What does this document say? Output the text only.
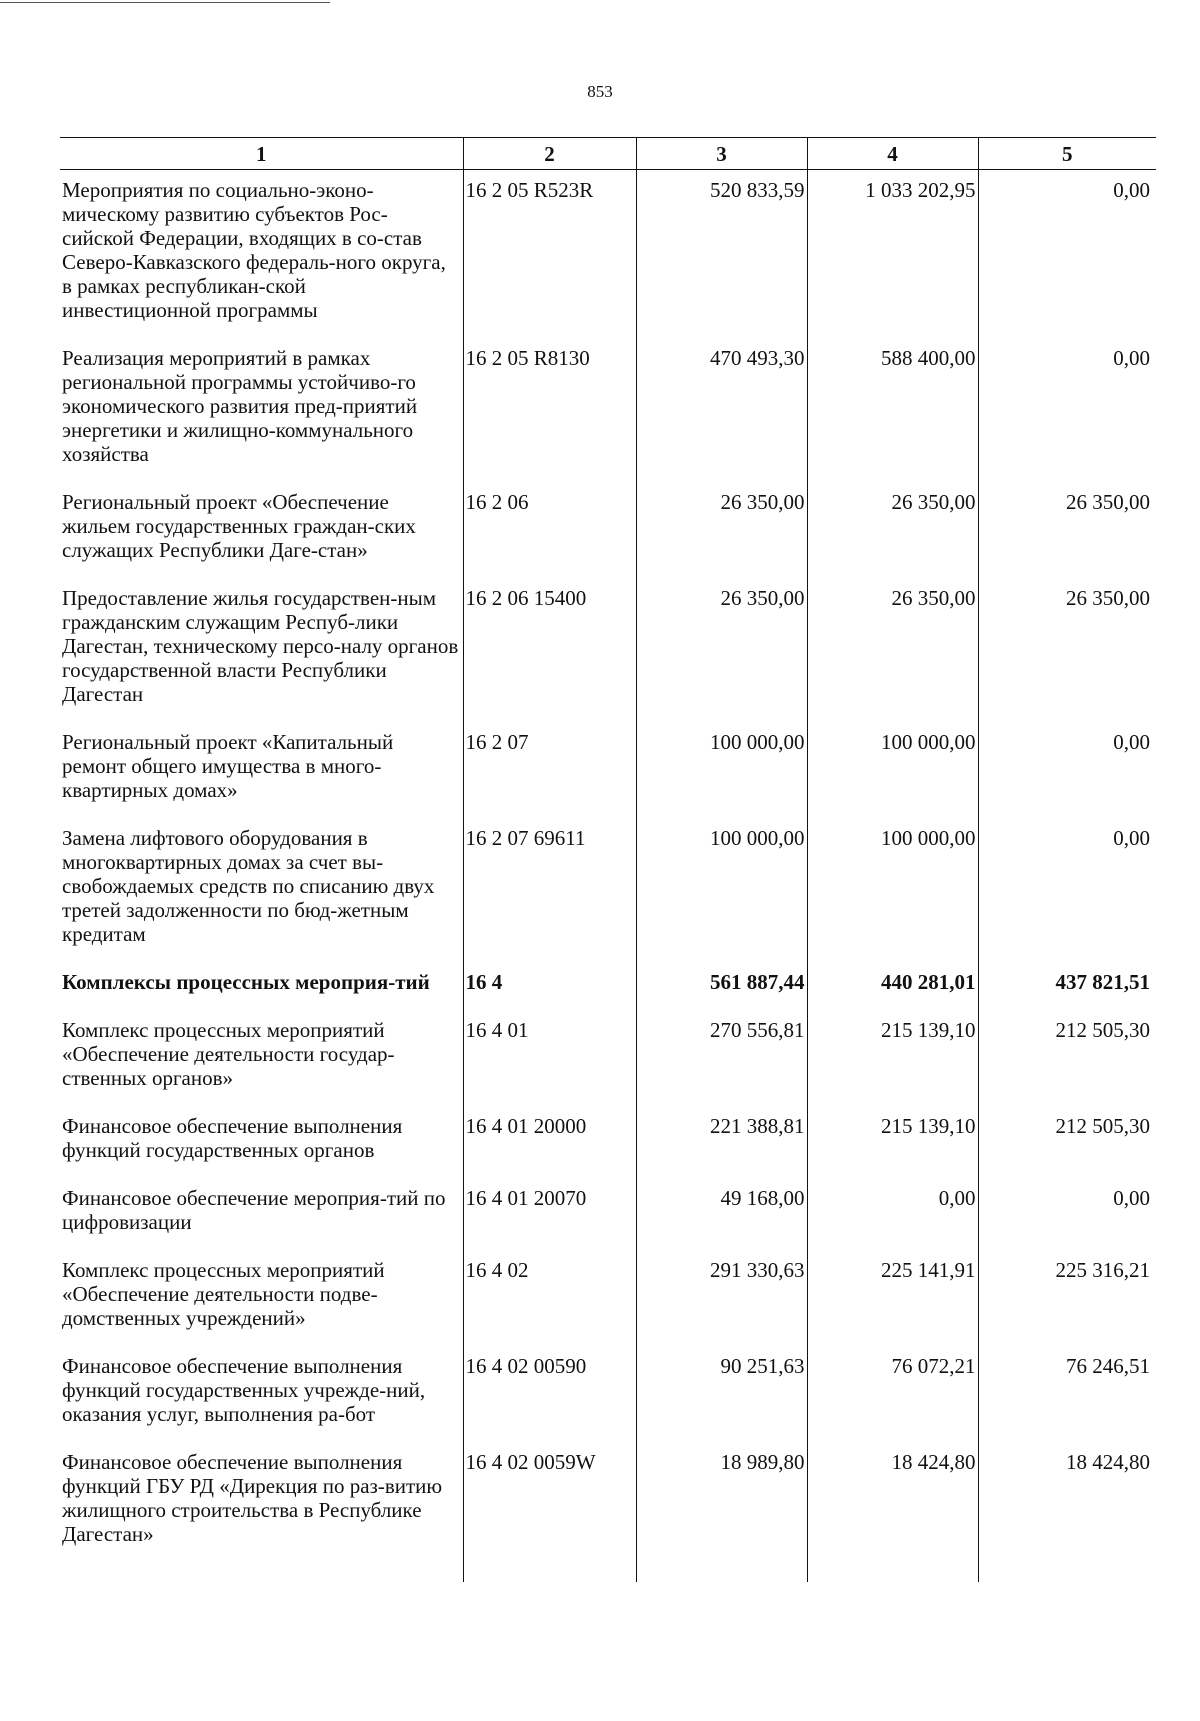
853
1	2	3	4	5
Мероприятия по социально-эконо-мическому развитию субъектов Рос-сийской Федерации, входящих в со-став Северо-Кавказского федераль-ного округа, в рамках республикан-ской инвестиционной программы	16 2 05 R523R	520 833,59	1 033 202,95	0,00
Реализация мероприятий в рамках региональной программы устойчиво-го экономического развития пред-приятий энергетики и жилищно-коммунального хозяйства	16 2 05 R8130	470 493,30	588 400,00	0,00
Региональный проект «Обеспечение жильем государственных граждан-ских служащих Республики Даге-стан»	16 2 06	26 350,00	26 350,00	26 350,00
Предоставление жилья государствен-ным гражданским служащим Респуб-лики Дагестан, техническому персо-налу органов государственной власти Республики Дагестан	16 2 06 15400	26 350,00	26 350,00	26 350,00
Региональный проект «Капитальный ремонт общего имущества в много-квартирных домах»	16 2 07	100 000,00	100 000,00	0,00
Замена лифтового оборудования в многоквартирных домах за счет вы-свобождаемых средств по списанию двух третей задолженности по бюд-жетным кредитам	16 2 07 69611	100 000,00	100 000,00	0,00
Комплексы процессных мероприя-тий	16 4	561 887,44	440 281,01	437 821,51
Комплекс процессных мероприятий «Обеспечение деятельности государ-ственных органов»	16 4 01	270 556,81	215 139,10	212 505,30
Финансовое обеспечение выполнения функций государственных органов	16 4 01 20000	221 388,81	215 139,10	212 505,30
Финансовое обеспечение мероприя-тий по цифровизации	16 4 01 20070	49 168,00	0,00	0,00
Комплекс процессных мероприятий «Обеспечение деятельности подве-домственных учреждений»	16 4 02	291 330,63	225 141,91	225 316,21
Финансовое обеспечение выполнения функций государственных учрежде-ний, оказания услуг, выполнения ра-бот	16 4 02 00590	90 251,63	76 072,21	76 246,51
Финансовое обеспечение выполнения функций ГБУ РД «Дирекция по раз-витию жилищного строительства в Республике Дагестан»	16 4 02 0059W	18 989,80	18 424,80	18 424,80
